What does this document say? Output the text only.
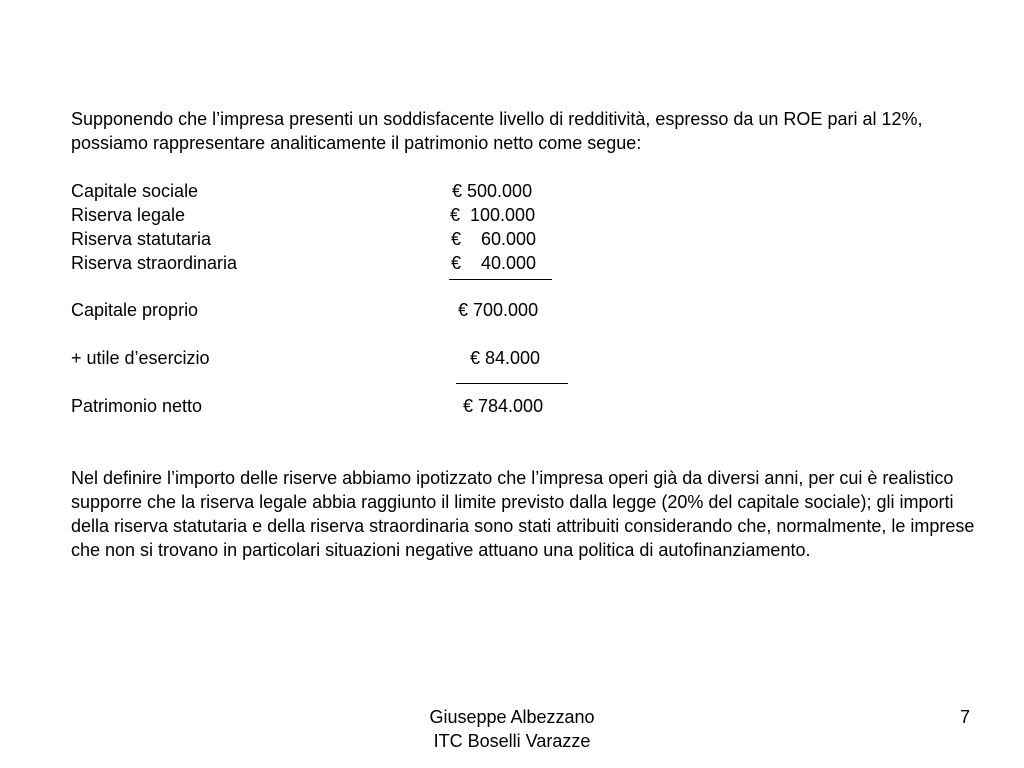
Supponendo che l’impresa presenti un soddisfacente livello di redditività, espresso da un ROE pari al 12%, possiamo rappresentare analiticamente il patrimonio netto come segue:

Capitale sociale	€ 500.000
Riserva legale	€  100.000
Riserva statutaria	€    60.000
Riserva straordinaria	€    40.000
Capitale proprio	€ 700.000
+ utile d’esercizio	€ 84.000
Patrimonio netto	€ 784.000

Nel definire l’importo delle riserve abbiamo ipotizzato che l’impresa operi già da diversi anni, per cui è realistico supporre che la riserva legale abbia raggiunto il limite previsto dalla legge (20% del capitale sociale); gli importi della riserva statutaria e della riserva straordinaria sono stati attribuiti considerando che, normalmente, le imprese che non si trovano in particolari situazioni negative attuano una politica di autofinanziamento.

Giuseppe Albezzano
ITC Boselli Varazze
7
